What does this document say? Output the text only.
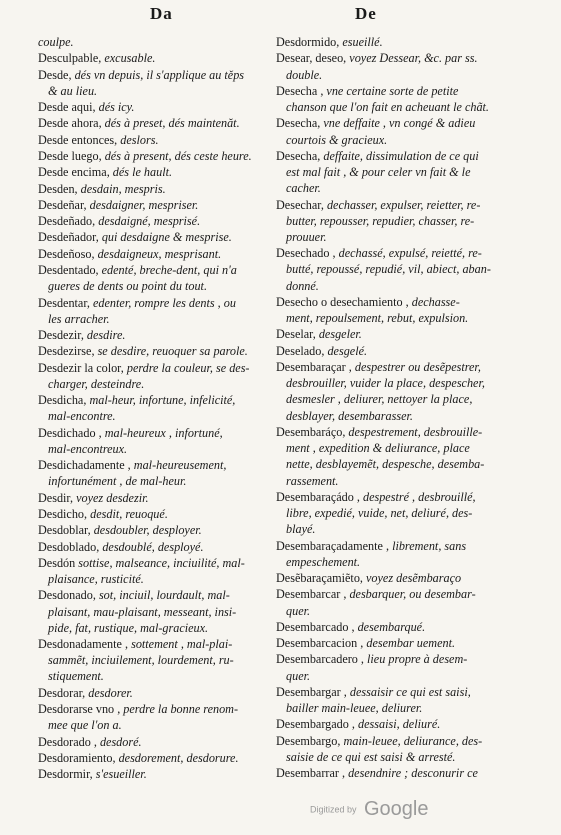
Da	De
coulpe.
Desculpable, excusable.
Desde, dés vn depuis, il s'applique au těps
& au lieu.
Desde aqui, dés icy.
Desde ahora, dés à preset, dés maintenăt.
Desde entonces, deslors.
Desde luego, dés à present, dés ceste heure.
Desde encima, dés le hault.
Desden, desdain, mespris.
Desdeñar, desdaigner, mespriser.
Desdeñado, desdaigné, mesprisé.
Desdeñador, qui desdaigne & mesprise.
Desdeñoso, desdaigneux, mesprisant.
Desdentado, edenté, breche-dent, qui n'a
gueres de dents ou point du tout.
Desdentar, edenter, rompre les dents , ou
les arracher.
Desdezir, desdire.
Desdezirse, se desdire, reuoquer sa parole.
Desdezir la color, perdre la couleur, se des-
charger, desteindre.
Desdicha, mal-heur, infortune, infelicité,
mal-encontre.
Desdichado , mal-heureux , infortuné,
mal-encontreux.
Desdichadamente , mal-heureusement,
infortunément , de mal-heur.
Desdir, voyez desdezir.
Desdicho, desdit, reuoqué.
Desdoblar, desdoubler, desployer.
Desdoblado, desdoublé, desployé.
Desdón sottise, malseance, inciuilité, mal-
plaisance, rusticité.
Desdonado, sot, inciuil, lourdault, mal-
plaisant, mau-plaisant, messeant, insi-
pide, fat, rustique, mal-gracieux.
Desdonadamente , sottement , mal-plai-
sammẽt, inciuilement, lourdement, ru-
stiquement.
Desdorar, desdorer.
Desdorarse vno , perdre la bonne renom-
mee que l'on a.
Desdorado , desdoré.
Desdoramiento, desdorement, desdorure.
Desdormir, s'esueiller.
Desdormido, esueillé.
Desear, deseo, voyez Dessear, &c. par ss.
double.
Desecha , vne certaine sorte de petite
chanson que l'on fait en acheuant le chãt.
Desecha, vne deffaite , vn congé & adieu
courtois & gracieux.
Desecha, deffaite, dissimulation de ce qui
est mal fait , & pour celer vn fait & le
cacher.
Desechar, dechasser, expulser, reietter, re-
butter, repousser, repudier, chasser, re-
prouuer.
Desechado , dechassé, expulsé, reietté, re-
butté, repoussé, repudié, vil, abiect, aban-
donné.
Desecho o desechamiento , dechasse-
ment, repoulsement, rebut, expulsion.
Deselar, desgeler.
Deselado, desgelé.
Desembaraçar , despestrer ou desẽpestrer,
desbrouiller, vuider la place, despescher,
desmesler , deliurer, nettoyer la place,
desblayer, desembarasser.
Desembaráço, despestrement, desbrouille-
ment , expedition & deliurance, place
nette, desblayemẽt, despesche, desemba-
rassement.
Desembaraçádo , despestré , desbrouillé,
libre, expedié, vuide, net, deliuré, des-
blayé.
Desembaraçadamente , librement, sans
empeschement.
Desẽbaraçamiẽto, voyez desẽmbaraço
Desembarcar , desbarquer, ou desembar-
quer.
Desembarcado , desembarqué.
Desembarcacion , desembar uement.
Desembarcadero , lieu propre à desem-
quer.
Desembargar , dessaisir ce qui est saisi,
bailler main-leuee, deliurer.
Desembargado , dessaisi, deliuré.
Desembargo, main-leuee, deliurance, des-
saisie de ce qui est saisi & arresté.
Desembarrar , desendnire ; desconurir ce
Digitized by Google
